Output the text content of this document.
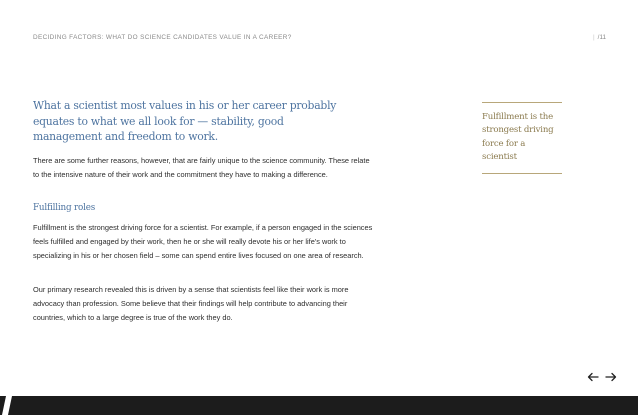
DECIDING FACTORS: WHAT DO SCIENCE CANDIDATES VALUE IN A CAREER?	| /11
What a scientist most values in his or her career probably equates to what we all look for — stability, good management and freedom to work.
There are some further reasons, however, that are fairly unique to the science community. These relate to the intensive nature of their work and the commitment they have to making a difference.
Fulfilling roles
Fulfillment is the strongest driving force for a scientist. For example, if a person engaged in the sciences feels fulfilled and engaged by their work, then he or she will really devote his or her life's work to specializing in his or her chosen field – some can spend entire lives focused on one area of research.
Our primary research revealed this is driven by a sense that scientists feel like their work is more advocacy than profession. Some believe that their findings will help contribute to advancing their countries, which to a large degree is true of the work they do.
Fulfillment is the strongest driving force for a scientist
